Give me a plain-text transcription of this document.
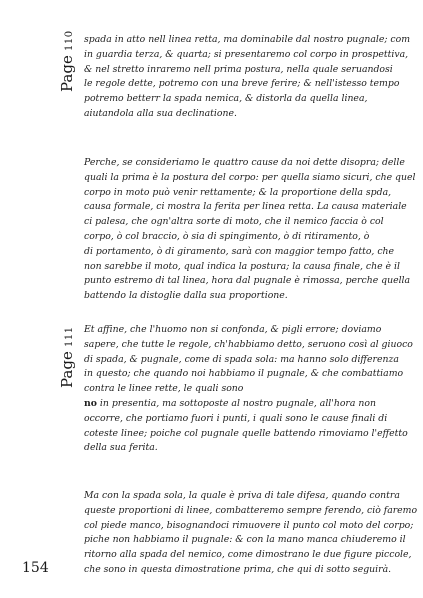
Page 110
Page 111
spada in atto nell linea retta, ma dominabile dal nostro pugnale; com
in guardia terza, & quarta; si presentaremo col corpo in prospettiva,
& nel stretto inraremo nell prima postura, nella quale seruandosi
le regole dette, potremo con una breve ferire; & nell'istesso tempo
potremo betterr la spada nemica, & distorla da quella linea,
aiutandola alla sua declinatione.
Perche, se consideriamo le quattro cause da noi dette disopra; delle
quali la prima è la postura del corpo: per quella siamo sicuri, che quel
corpo in moto può venir rettamente; & la proportione della spda,
causa formale, ci mostra la ferita per linea retta. La causa materiale
ci palesa, che ogn'altra sorte di moto, che il nemico faccia ò col
corpo, ò col braccio, ò sia di spingimento, ò di ritiramento, ò
di portamento, ò di giramento, sarà con maggior tempo fatto, che
non sarebbe il moto, qual indica la postura; la causa finale, che è il
punto estremo di tal linea, hora dal pugnale è rimossa, perche quella
battendo la distoglie dalla sua proportione.
Et affine, che l'huomo non si confonda, & pigli errore; doviamo
sapere, che tutte le regole, ch'habbiamo detto, seruono così al giuoco
di spada, & pugnale, come di spada sola: ma hanno solo differenza
in questo; che quando noi habbiamo il pugnale, & che combattiamo
contra le linee rette, le quali sono
no in presentia, ma sottoposte al nostro pugnale, all'hora non
occorre, che portiamo fuori i punti, i quali sono le cause finali di
coteste linee; poiche col pugnale quelle battendo rimoviamo l'effetto
della sua ferita.
Ma con la spada sola, la quale è priva di tale difesa, quando contra
queste proportioni di linee, combatteremo sempre ferendo, ciò faremo
col piede manco, bisognandoci rimuovere il punto col moto del corpo;
piche non habbiamo il pugnale: & con la mano manca chiuderemo il
ritorno alla spada del nemico, come dimostrano le due figure piccole,
che sono in questa dimostratione prima, che qui di sotto seguirà.
154
